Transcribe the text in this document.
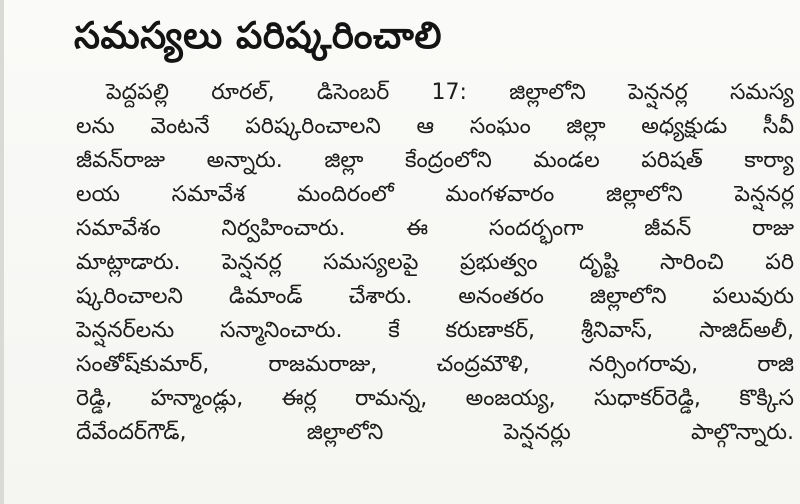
సమస్యలు పరిష్కరించాలి
పెద్దపల్లి రూరల్, డిసెంబర్ 17: జిల్లాలోని పెన్షనర్ల సమస్య
లను వెంటనే పరిష్కరించాలని ఆ సంఘం జిల్లా అధ్యక్షుడు సీవీ
జీవన్‌రాజు అన్నారు. జిల్లా కేంద్రంలోని మండల పరిషత్ కార్యా
లయ సమావేశ మందిరంలో మంగళవారం జిల్లాలోని పెన్షనర్ల
సమావేశం నిర్వహించారు. ఈ సందర్భంగా జీవన్ రాజు
మాట్లాడారు. పెన్షనర్ల సమస్యలపై ప్రభుత్వం దృష్టి సారించి పరి
ష్కరించాలని డిమాండ్ చేశారు. అనంతరం జిల్లాలోని పలువురు
పెన్షనర్‌లను సన్మానించారు. కే కరుణాకర్, శ్రీనివాస్, సాజిద్‌అలీ,
సంతోష్‌కుమార్, రాజమరాజు, చంద్రమౌళి, నర్సింగరావు, రాజి
రెడ్డి, హన్మాండ్లు, ఈర్ల రామన్న, అంజయ్య, సుధాకర్‌రెడ్డి, కొక్కిస
దేవేందర్‌గౌడ్, జిల్లాలోని పెన్షనర్లు పాల్గొన్నారు.
